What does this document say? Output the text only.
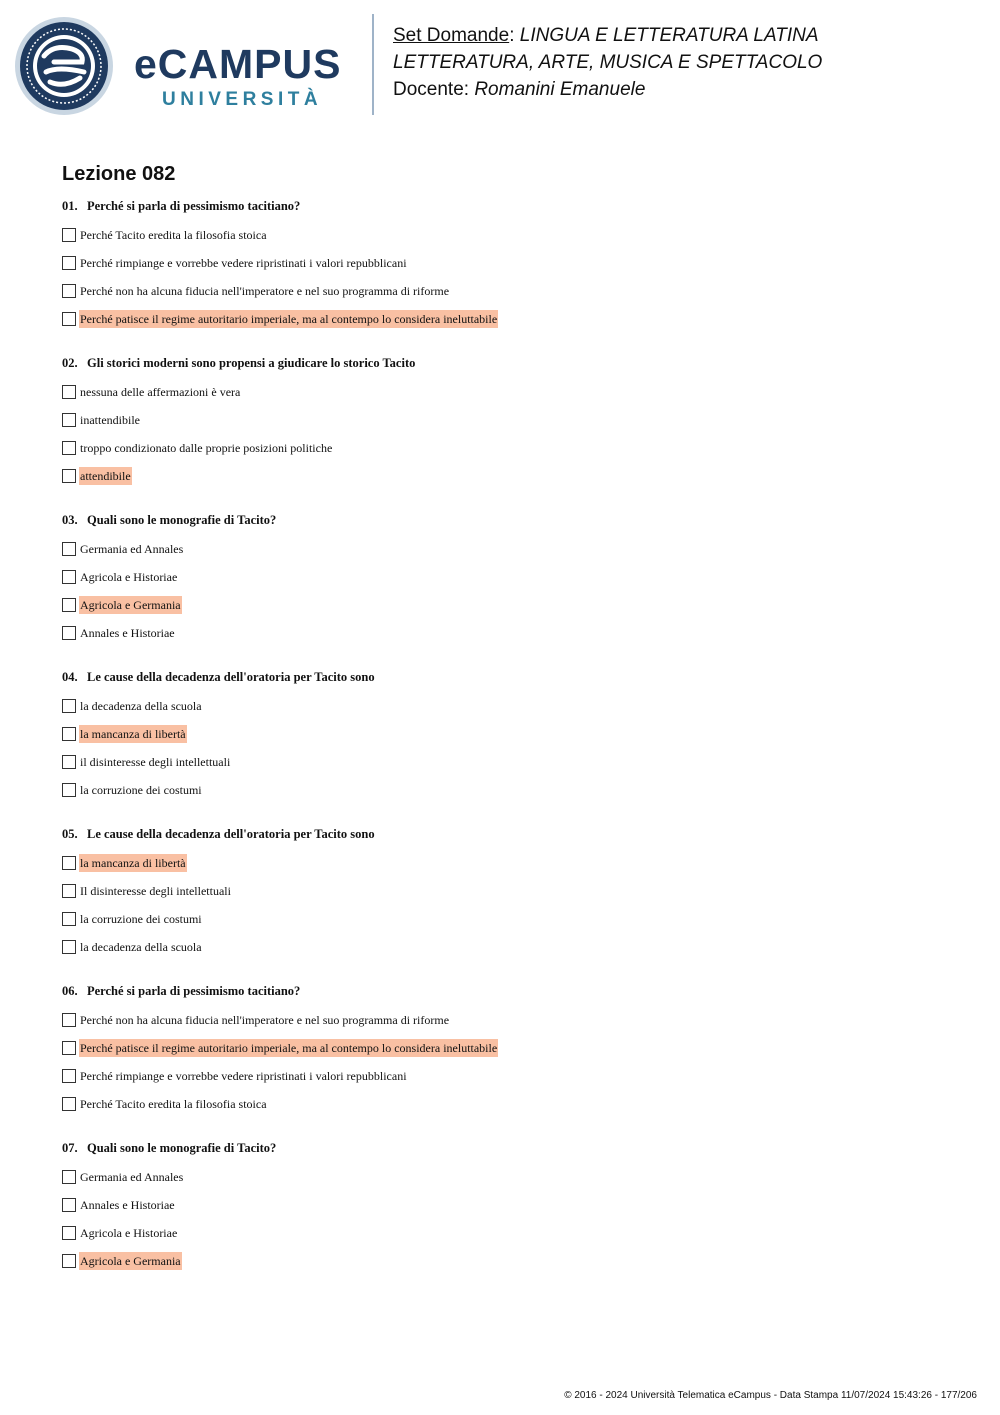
eCAMPUS
UNIVERSITÀ
Set Domande: LINGUA E LETTERATURA LATINA
LETTERATURA, ARTE, MUSICA E SPETTACOLO
Docente: Romanini Emanuele
Lezione 082
01. Perché si parla di pessimismo tacitiano?
Perché Tacito eredita la filosofia stoica
Perché rimpiange e vorrebbe vedere ripristinati i valori repubblicani
Perché non ha alcuna fiducia nell'imperatore e nel suo programma di riforme
Perché patisce il regime autoritario imperiale, ma al contempo lo considera ineluttabile
02. Gli storici moderni sono propensi a giudicare lo storico Tacito
nessuna delle affermazioni è vera
inattendibile
troppo condizionato dalle proprie posizioni politiche
attendibile
03. Quali sono le monografie di Tacito?
Germania ed Annales
Agricola e Historiae
Agricola e Germania
Annales e Historiae
04. Le cause della decadenza dell'oratoria per Tacito sono
la decadenza della scuola
la mancanza di libertà
il disinteresse degli intellettuali
la corruzione dei costumi
05. Le cause della decadenza dell'oratoria per Tacito sono
la mancanza di libertà
Il disinteresse degli intellettuali
la corruzione dei costumi
la decadenza della scuola
06. Perché si parla di pessimismo tacitiano?
Perché non ha alcuna fiducia nell'imperatore e nel suo programma di riforme
Perché patisce il regime autoritario imperiale, ma al contempo lo considera ineluttabile
Perché rimpiange e vorrebbe vedere ripristinati i valori repubblicani
Perché Tacito eredita la filosofia stoica
07. Quali sono le monografie di Tacito?
Germania ed Annales
Annales e Historiae
Agricola e Historiae
Agricola e Germania
© 2016 - 2024 Università Telematica eCampus - Data Stampa 11/07/2024 15:43:26 - 177/206
